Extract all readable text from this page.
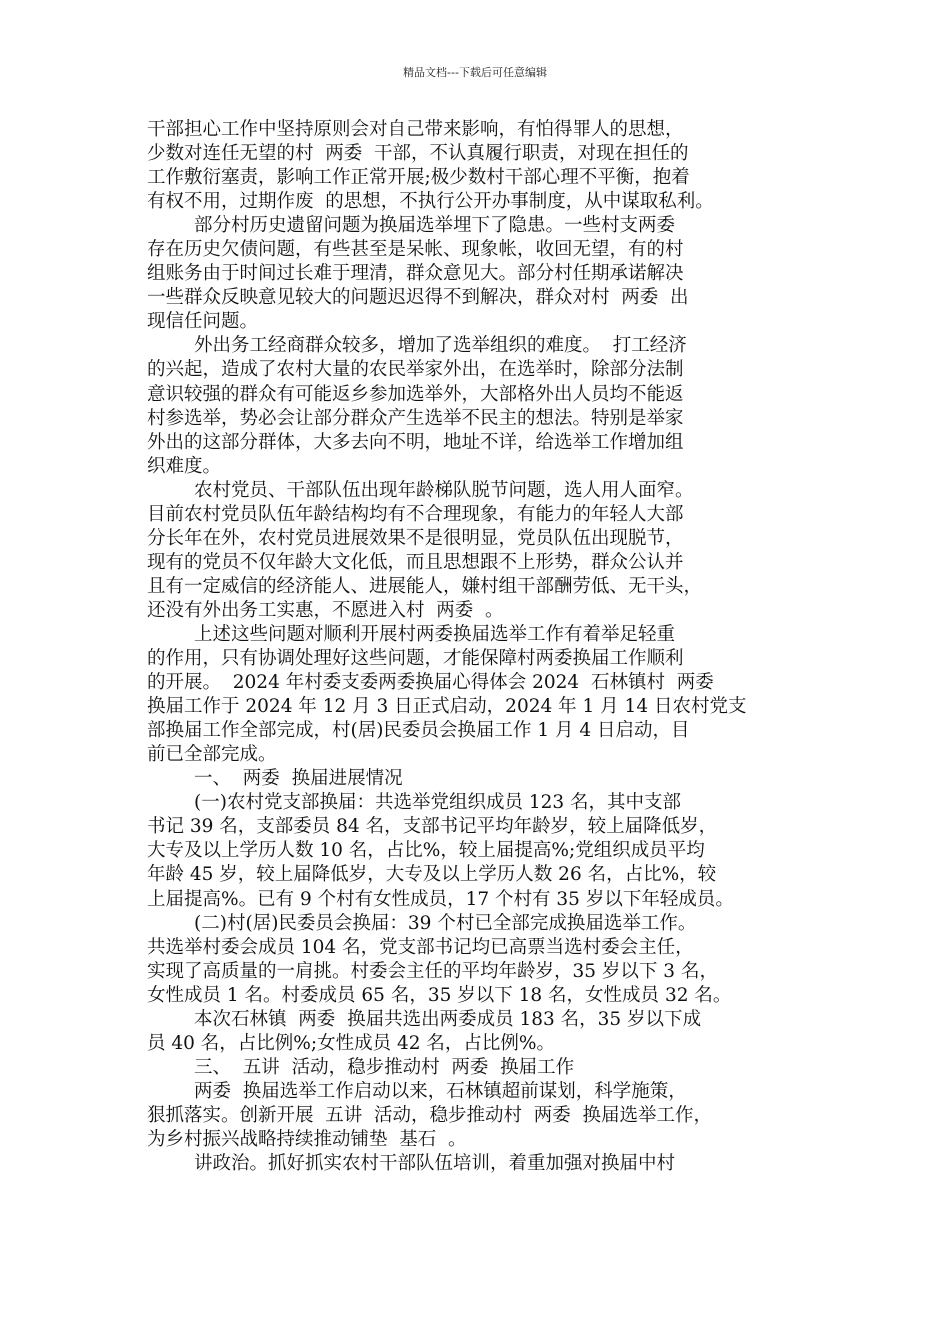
精品文档---下载后可任意编辑
干部担心工作中坚持原则会对自己带来影响，有怕得罪人的思想，
少数对连任无望的村  两委  干部，不认真履行职责，对现在担任的
工作敷衍塞责，影响工作正常开展;极少数村干部心理不平衡，抱着
有权不用，过期作废  的思想，不执行公开办事制度，从中谋取私利。
部分村历史遗留问题为换届选举埋下了隐患。一些村支两委
存在历史欠债问题，有些甚至是呆帐、现象帐，收回无望，有的村
组账务由于时间过长难于理清，群众意见大。部分村任期承诺解决
一些群众反映意见较大的问题迟迟得不到解决，群众对村  两委  出
现信任问题。
外出务工经商群众较多，增加了选举组织的难度。  打工经济
的兴起，造成了农村大量的农民举家外出，在选举时，除部分法制
意识较强的群众有可能返乡参加选举外，大部格外出人员均不能返
村参选举，势必会让部分群众产生选举不民主的想法。特别是举家
外出的这部分群体，大多去向不明，地址不详，给选举工作增加组
织难度。
农村党员、干部队伍出现年龄梯队脱节问题，选人用人面窄。
目前农村党员队伍年龄结构均有不合理现象，有能力的年轻人大部
分长年在外，农村党员进展效果不是很明显，党员队伍出现脱节，
现有的党员不仅年龄大文化低，而且思想跟不上形势，群众公认并
且有一定威信的经济能人、进展能人，嫌村组干部酬劳低、无干头，
还没有外出务工实惠，不愿进入村  两委  。
上述这些问题对顺利开展村两委换届选举工作有着举足轻重
的作用，只有协调处理好这些问题，才能保障村两委换届工作顺利
的开展。  2024 年村委支委两委换届心得体会 2024  石林镇村  两委
换届工作于 2024 年 12 月 3 日正式启动，2024 年 1 月 14 日农村党支
部换届工作全部完成，村(居)民委员会换届工作 1 月 4 日启动，目
前已全部完成。
一、  两委  换届进展情况
(一)农村党支部换届：共选举党组织成员 123 名，其中支部
书记 39 名，支部委员 84 名，支部书记平均年龄岁，较上届降低岁，
大专及以上学历人数 10 名，占比%，较上届提高%;党组织成员平均
年龄 45 岁，较上届降低岁，大专及以上学历人数 26 名，占比%，较
上届提高%。已有 9 个村有女性成员，17 个村有 35 岁以下年轻成员。
(二)村(居)民委员会换届：39 个村已全部完成换届选举工作。
共选举村委会成员 104 名，党支部书记均已高票当选村委会主任，
实现了高质量的一肩挑。村委会主任的平均年龄岁，35 岁以下 3 名，
女性成员 1 名。村委成员 65 名，35 岁以下 18 名，女性成员 32 名。
本次石林镇  两委  换届共选出两委成员 183 名，35 岁以下成
员 40 名，占比例%;女性成员 42 名，占比例%。
三、  五讲  活动，稳步推动村  两委  换届工作
两委  换届选举工作启动以来，石林镇超前谋划，科学施策，
狠抓落实。创新开展  五讲  活动，稳步推动村  两委  换届选举工作，
为乡村振兴战略持续推动铺垫  基石  。
讲政治。抓好抓实农村干部队伍培训，着重加强对换届中村
